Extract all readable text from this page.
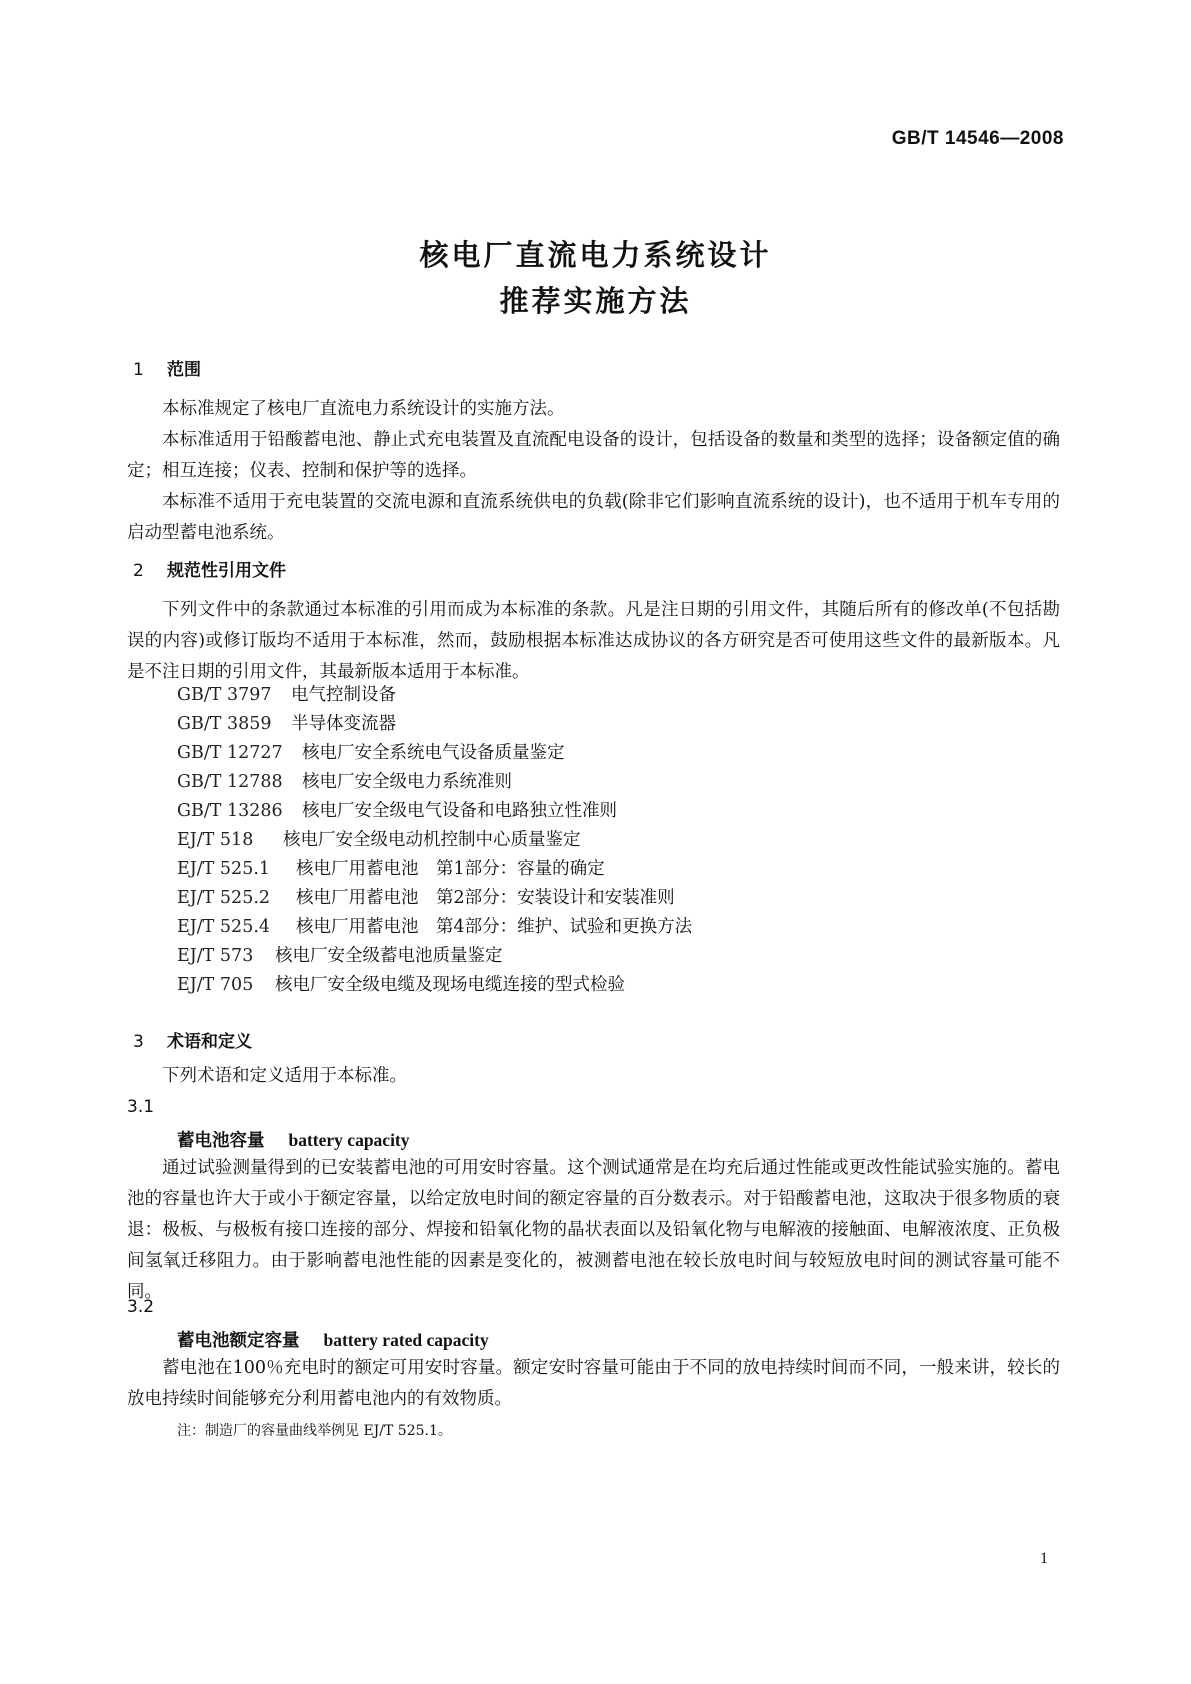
GB/T 14546—2008
核电厂直流电力系统设计
推荐实施方法
1 范围
本标准规定了核电厂直流电力系统设计的实施方法。
本标准适用于铅酸蓄电池、静止式充电装置及直流配电设备的设计，包括设备的数量和类型的选择；设备额定值的确定；相互连接；仪表、控制和保护等的选择。
本标准不适用于充电装置的交流电源和直流系统供电的负载(除非它们影响直流系统的设计)，也不适用于机车专用的启动型蓄电池系统。
2 规范性引用文件
下列文件中的条款通过本标准的引用而成为本标准的条款。凡是注日期的引用文件，其随后所有的修改单(不包括勘误的内容)或修订版均不适用于本标准，然而，鼓励根据本标准达成协议的各方研究是否可使用这些文件的最新版本。凡是不注日期的引用文件，其最新版本适用于本标准。
GB/T 3797 电气控制设备
GB/T 3859 半导体变流器
GB/T 12727 核电厂安全系统电气设备质量鉴定
GB/T 12788 核电厂安全级电力系统准则
GB/T 13286 核电厂安全级电气设备和电路独立性准则
EJ/T 518 核电厂安全级电动机控制中心质量鉴定
EJ/T 525.1 核电厂用蓄电池　第1部分：容量的确定
EJ/T 525.2 核电厂用蓄电池　第2部分：安装设计和安装准则
EJ/T 525.4 核电厂用蓄电池　第4部分：维护、试验和更换方法
EJ/T 573 核电厂安全级蓄电池质量鉴定
EJ/T 705 核电厂安全级电缆及现场电缆连接的型式检验
3 术语和定义
下列术语和定义适用于本标准。
3.1
蓄电池容量 battery capacity
通过试验测量得到的已安装蓄电池的可用安时容量。这个测试通常是在均充后通过性能或更改性能试验实施的。蓄电池的容量也许大于或小于额定容量，以给定放电时间的额定容量的百分数表示。对于铅酸蓄电池，这取决于很多物质的衰退：极板、与极板有接口连接的部分、焊接和铅氧化物的晶状表面以及铅氧化物与电解液的接触面、电解液浓度、正负极间氢氧迁移阻力。由于影响蓄电池性能的因素是变化的，被测蓄电池在较长放电时间与较短放电时间的测试容量可能不同。
3.2
蓄电池额定容量 battery rated capacity
蓄电池在100％充电时的额定可用安时容量。额定安时容量可能由于不同的放电持续时间而不同，一般来讲，较长的放电持续时间能够充分利用蓄电池内的有效物质。
注：制造厂的容量曲线举例见 EJ/T 525.1。
1
